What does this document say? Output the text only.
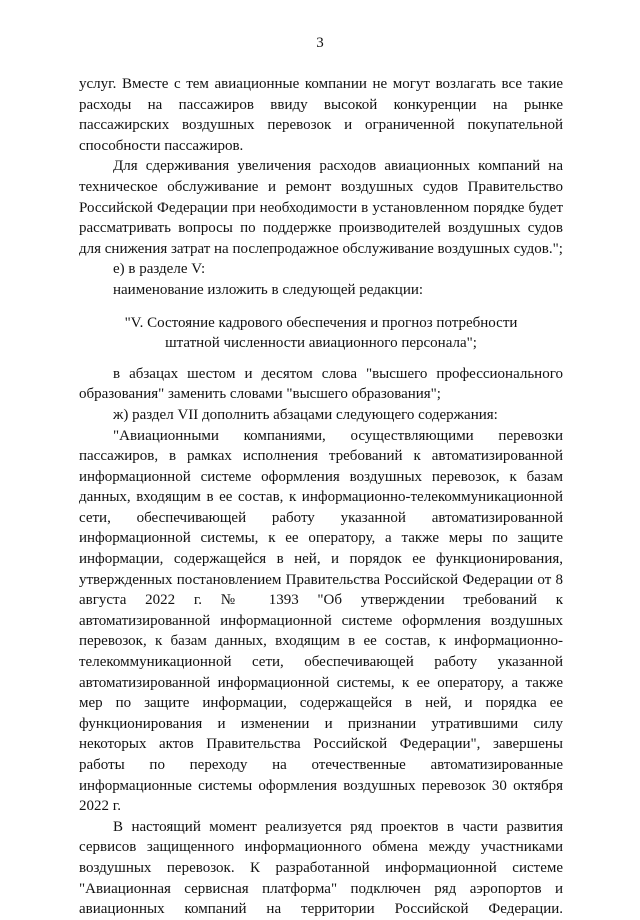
3

услуг. Вместе с тем авиационные компании не могут возлагать все такие расходы на пассажиров ввиду высокой конкуренции на рынке пассажирских воздушных перевозок и ограниченной покупательной способности пассажиров.

Для сдерживания увеличения расходов авиационных компаний на техническое обслуживание и ремонт воздушных судов Правительство Российской Федерации при необходимости в установленном порядке будет рассматривать вопросы по поддержке производителей воздушных судов для снижения затрат на послепродажное обслуживание воздушных судов.";

е) в разделе V:

наименование изложить в следующей редакции:

"V. Состояние кадрового обеспечения и прогноз потребности
штатной численности авиационного персонала";

в абзацах шестом и десятом слова "высшего профессионального образования" заменить словами "высшего образования";

ж) раздел VII дополнить абзацами следующего содержания:

"Авиационными компаниями, осуществляющими перевозки пассажиров, в рамках исполнения требований к автоматизированной информационной системе оформления воздушных перевозок, к базам данных, входящим в ее состав, к информационно-телекоммуникационной сети, обеспечивающей работу указанной автоматизированной информационной системы, к ее оператору, а также меры по защите информации, содержащейся в ней, и порядок ее функционирования, утвержденных постановлением Правительства Российской Федерации от 8 августа 2022 г. № 1393 "Об утверждении требований к автоматизированной информационной системе оформления воздушных перевозок, к базам данных, входящим в ее состав, к информационно-телекоммуникационной сети, обеспечивающей работу указанной автоматизированной информационной системы, к ее оператору, а также мер по защите информации, содержащейся в ней, и порядка ее функционирования и изменении и признании утратившими силу некоторых актов Правительства Российской Федерации", завершены работы по переходу на отечественные автоматизированные информационные системы оформления воздушных перевозок 30 октября 2022 г.

В настоящий момент реализуется ряд проектов в части развития сервисов защищенного информационного обмена между участниками воздушных перевозок. К разработанной информационной системе "Авиационная сервисная платформа" подключен ряд аэропортов и авиационных компаний на территории Российской Федерации.
